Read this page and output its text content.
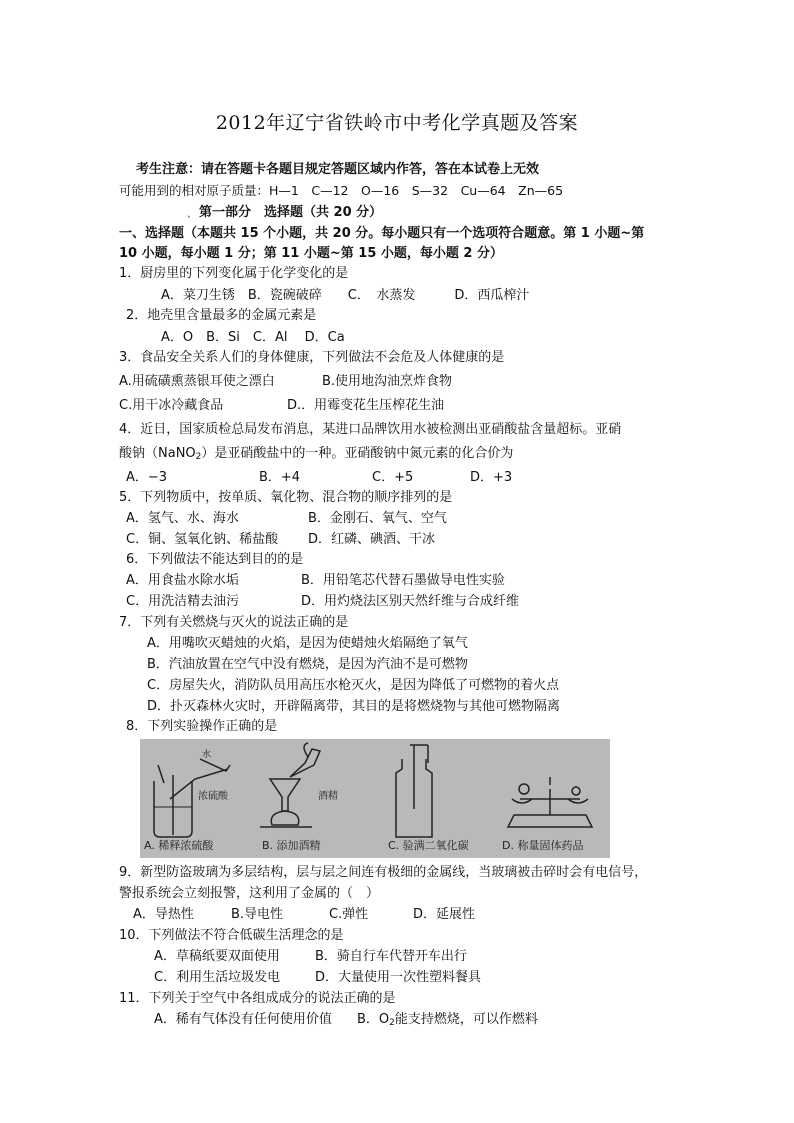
2012年辽宁省铁岭市中考化学真题及答案
考生注意：请在答题卡各题目规定答题区域内作答，答在本试卷上无效
可能用到的相对原子质量：H—1　C—12　O—16　S—32　Cu—64　Zn—65
、 第一部分　选择题（共 20 分）
一、选择题（本题共 15 个小题，共 20 分。每小题只有一个选项符合题意。第 1 小题~第
10 小题，每小题 1 分；第 11 小题~第 15 小题，每小题 2 分）
1．厨房里的下列变化属于化学变化的是
A．菜刀生锈　B．瓷碗破碎　　C．　水蒸发　　　D．西瓜榨汁
2．地壳里含量最多的金属元素是
A．O　B．Si　C．Al　 D．Ca
3．食品安全关系人们的身体健康，下列做法不会危及人体健康的是
A.用硫磺熏蒸银耳使之漂白	B.使用地沟油烹炸食物
C.用干冰冷藏食品	D.．用霉变花生压榨花生油
4．近日，国家质检总局发布消息，某进口品牌饮用水被检测出亚硝酸盐含量超标。亚硝
酸钠（NaNO$_2$）是亚硝酸盐中的一种。亚硝酸钠中氮元素的化合价为
A．−3	B．+4	C．+5	D．+3
5．下列物质中，按单质、氧化物、混合物的顺序排列的是
A．氢气、水、海水	B．金刚石、氧气、空气
C．铜、氢氧化钠、稀盐酸 D．红磷、碘酒、干冰
6．下列做法不能达到目的的是
A．用食盐水除水垢	B．用铅笔芯代替石墨做导电性实验
C．用洗洁精去油污	D．用灼烧法区别天然纤维与合成纤维
7．下列有关燃烧与灭火的说法正确的是
A．用嘴吹灭蜡烛的火焰，是因为使蜡烛火焰隔绝了氧气
B．汽油放置在空气中没有燃烧，是因为汽油不是可燃物
C．房屋失火，消防队员用高压水枪灭火，是因为降低了可燃物的着火点
D．扑灭森林火灾时，开辟隔离带，其目的是将燃烧物与其他可燃物隔离
8．下列实验操作正确的是
水
浓硫酸
A. 稀释浓硫酸
酒精
B. 添加酒精	C. 验满二氧化碳	D. 称量固体药品
9．新型防盗玻璃为多层结构，层与层之间连有极细的金属线，当玻璃被击碎时会有电信号，
警报系统会立刻报警，这利用了金属的（　）
A．导热性	B.导电性	C.弹性	D．延展性
10．下列做法不符合低碳生活理念的是
A．草稿纸要双面使用	B．骑自行车代替开车出行
C．利用生活垃圾发电	D．大量使用一次性塑料餐具
11．下列关于空气中各组成成分的说法正确的是
A．稀有气体没有任何使用价值 B．$O_2$能支持燃烧，可以作燃料
